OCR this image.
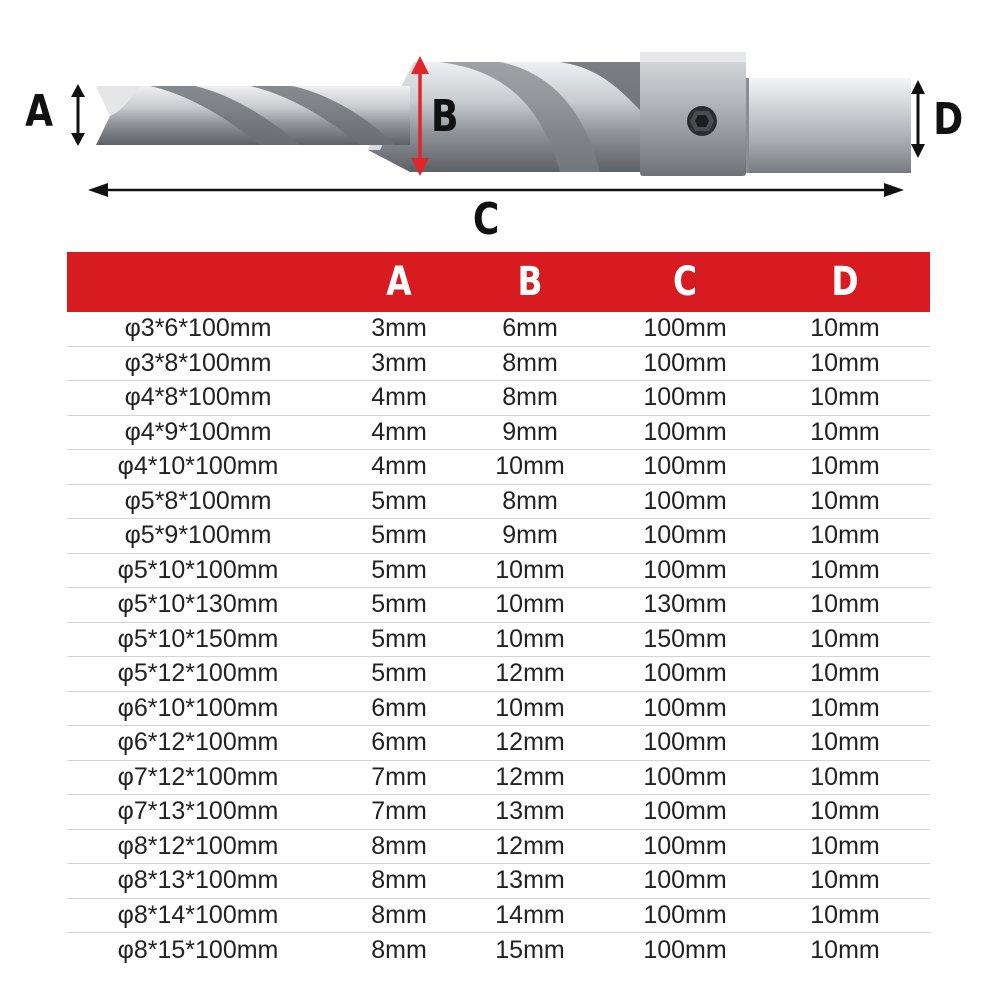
A	B
C
D
A	B	C	D
φ3*6*100mm	3mm	6mm	100mm	10mm
φ3*8*100mm	3mm	8mm	100mm	10mm
φ4*8*100mm	4mm	8mm	100mm	10mm
φ4*9*100mm	4mm	9mm	100mm	10mm
φ4*10*100mm	4mm	10mm	100mm	10mm
φ5*8*100mm	5mm	8mm	100mm	10mm
φ5*9*100mm	5mm	9mm	100mm	10mm
φ5*10*100mm	5mm	10mm	100mm	10mm
φ5*10*130mm	5mm	10mm	130mm	10mm
φ5*10*150mm	5mm	10mm	150mm	10mm
φ5*12*100mm	5mm	12mm	100mm	10mm
φ6*10*100mm	6mm	10mm	100mm	10mm
φ6*12*100mm	6mm	12mm	100mm	10mm
φ7*12*100mm	7mm	12mm	100mm	10mm
φ7*13*100mm	7mm	13mm	100mm	10mm
φ8*12*100mm	8mm	12mm	100mm	10mm
φ8*13*100mm	8mm	13mm	100mm	10mm
φ8*14*100mm	8mm	14mm	100mm	10mm
φ8*15*100mm	8mm	15mm	100mm	10mm
